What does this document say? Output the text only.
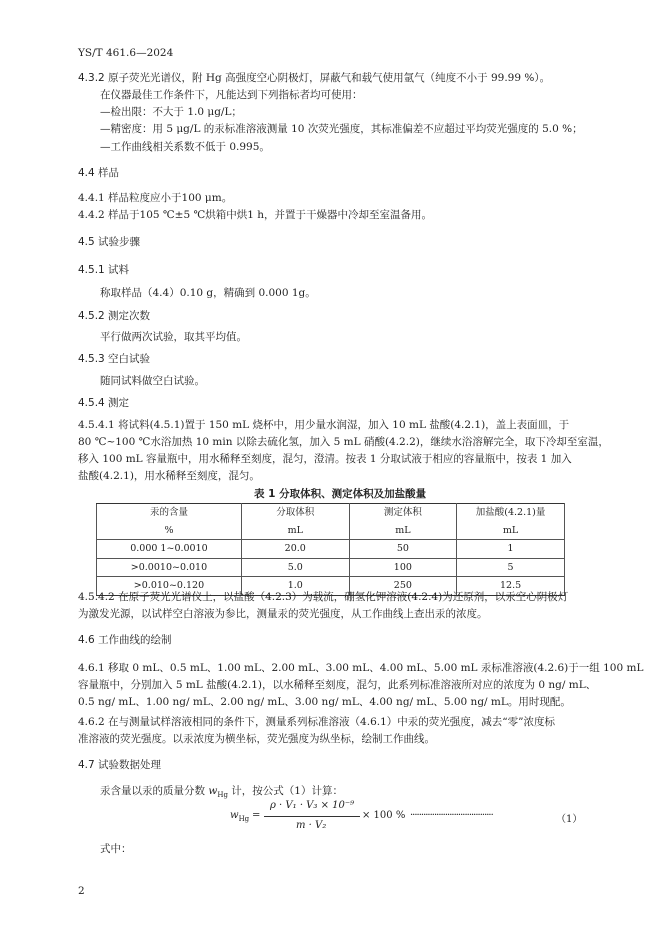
YS/T 461.6—2024
4.3.2 原子荧光光谱仪，附 Hg 高强度空心阴极灯，屏蔽气和载气使用氩气（纯度不小于 99.99 %）。
在仪器最佳工作条件下，凡能达到下列指标者均可使用：
—检出限：不大于 1.0 μg/L；
—精密度：用 5 μg/L 的汞标准溶液测量 10 次荧光强度，其标准偏差不应超过平均荧光强度的 5.0 %；
—工作曲线相关系数不低于 0.995。
4.4 样品
4.4.1 样品粒度应小于100 μm。
4.4.2 样品于105 ℃±5 ℃烘箱中烘1 h，并置于干燥器中冷却至室温备用。
4.5 试验步骤
4.5.1 试料
称取样品（4.4）0.10 g，精确到 0.000 1g。
4.5.2 测定次数
平行做两次试验，取其平均值。
4.5.3 空白试验
随同试料做空白试验。
4.5.4 测定
4.5.4.1 将试料(4.5.1)置于 150 mL 烧杯中，用少量水润湿，加入 10 mL 盐酸(4.2.1)，盖上表面皿，于
80 ℃~100 ℃水浴加热 10 min 以除去硫化氢，加入 5 mL 硝酸(4.2.2)，继续水浴溶解完全，取下冷却至室温，
移入 100 mL 容量瓶中，用水稀释至刻度，混匀，澄清。按表 1 分取试液于相应的容量瓶中，按表 1 加入
盐酸(4.2.1)，用水稀释至刻度，混匀。
表 1 分取体积、测定体积及加盐酸量
汞的含量	分取体积	测定体积	加盐酸(4.2.1)量
%	mL	mL	mL
0.000 1~0.0010	20.0	50	1
>0.0010~0.010	5.0	100	5
>0.010~0.120	1.0	250	12.5
4.5.4.2 在原子荧光光谱仪上，以盐酸（4.2.3）为载流，硼氢化钾溶液(4.2.4)为还原剂，以汞空心阴极灯
为激发光源，以试样空白溶液为参比，测量汞的荧光强度，从工作曲线上查出汞的浓度。
4.6 工作曲线的绘制
4.6.1 移取 0 mL、0.5 mL、1.00 mL、2.00 mL、3.00 mL、4.00 mL、5.00 mL 汞标准溶液(4.2.6)于一组 100 mL
容量瓶中，分别加入 5 mL 盐酸(4.2.1)，以水稀释至刻度，混匀，此系列标准溶液所对应的浓度为 0 ng/ mL、
0.5 ng/ mL、1.00 ng/ mL、2.00 ng/ mL、3.00 ng/ mL、4.00 ng/ mL、5.00 ng/ mL。用时现配。
4.6.2 在与测量试样溶液相同的条件下，测量系列标准溶液（4.6.1）中汞的荧光强度，减去“零”浓度标
准溶液的荧光强度。以汞浓度为横坐标，荧光强度为纵坐标，绘制工作曲线。
4.7 试验数据处理
汞含量以汞的质量分数 $w_{Hg}$ 计，按公式（1）计算：
$w_{Hg}$ =
ρ · V₁ · V₃ × 10⁻⁹
m · V₂
× 100 % ······································	（1）
式中：
2
